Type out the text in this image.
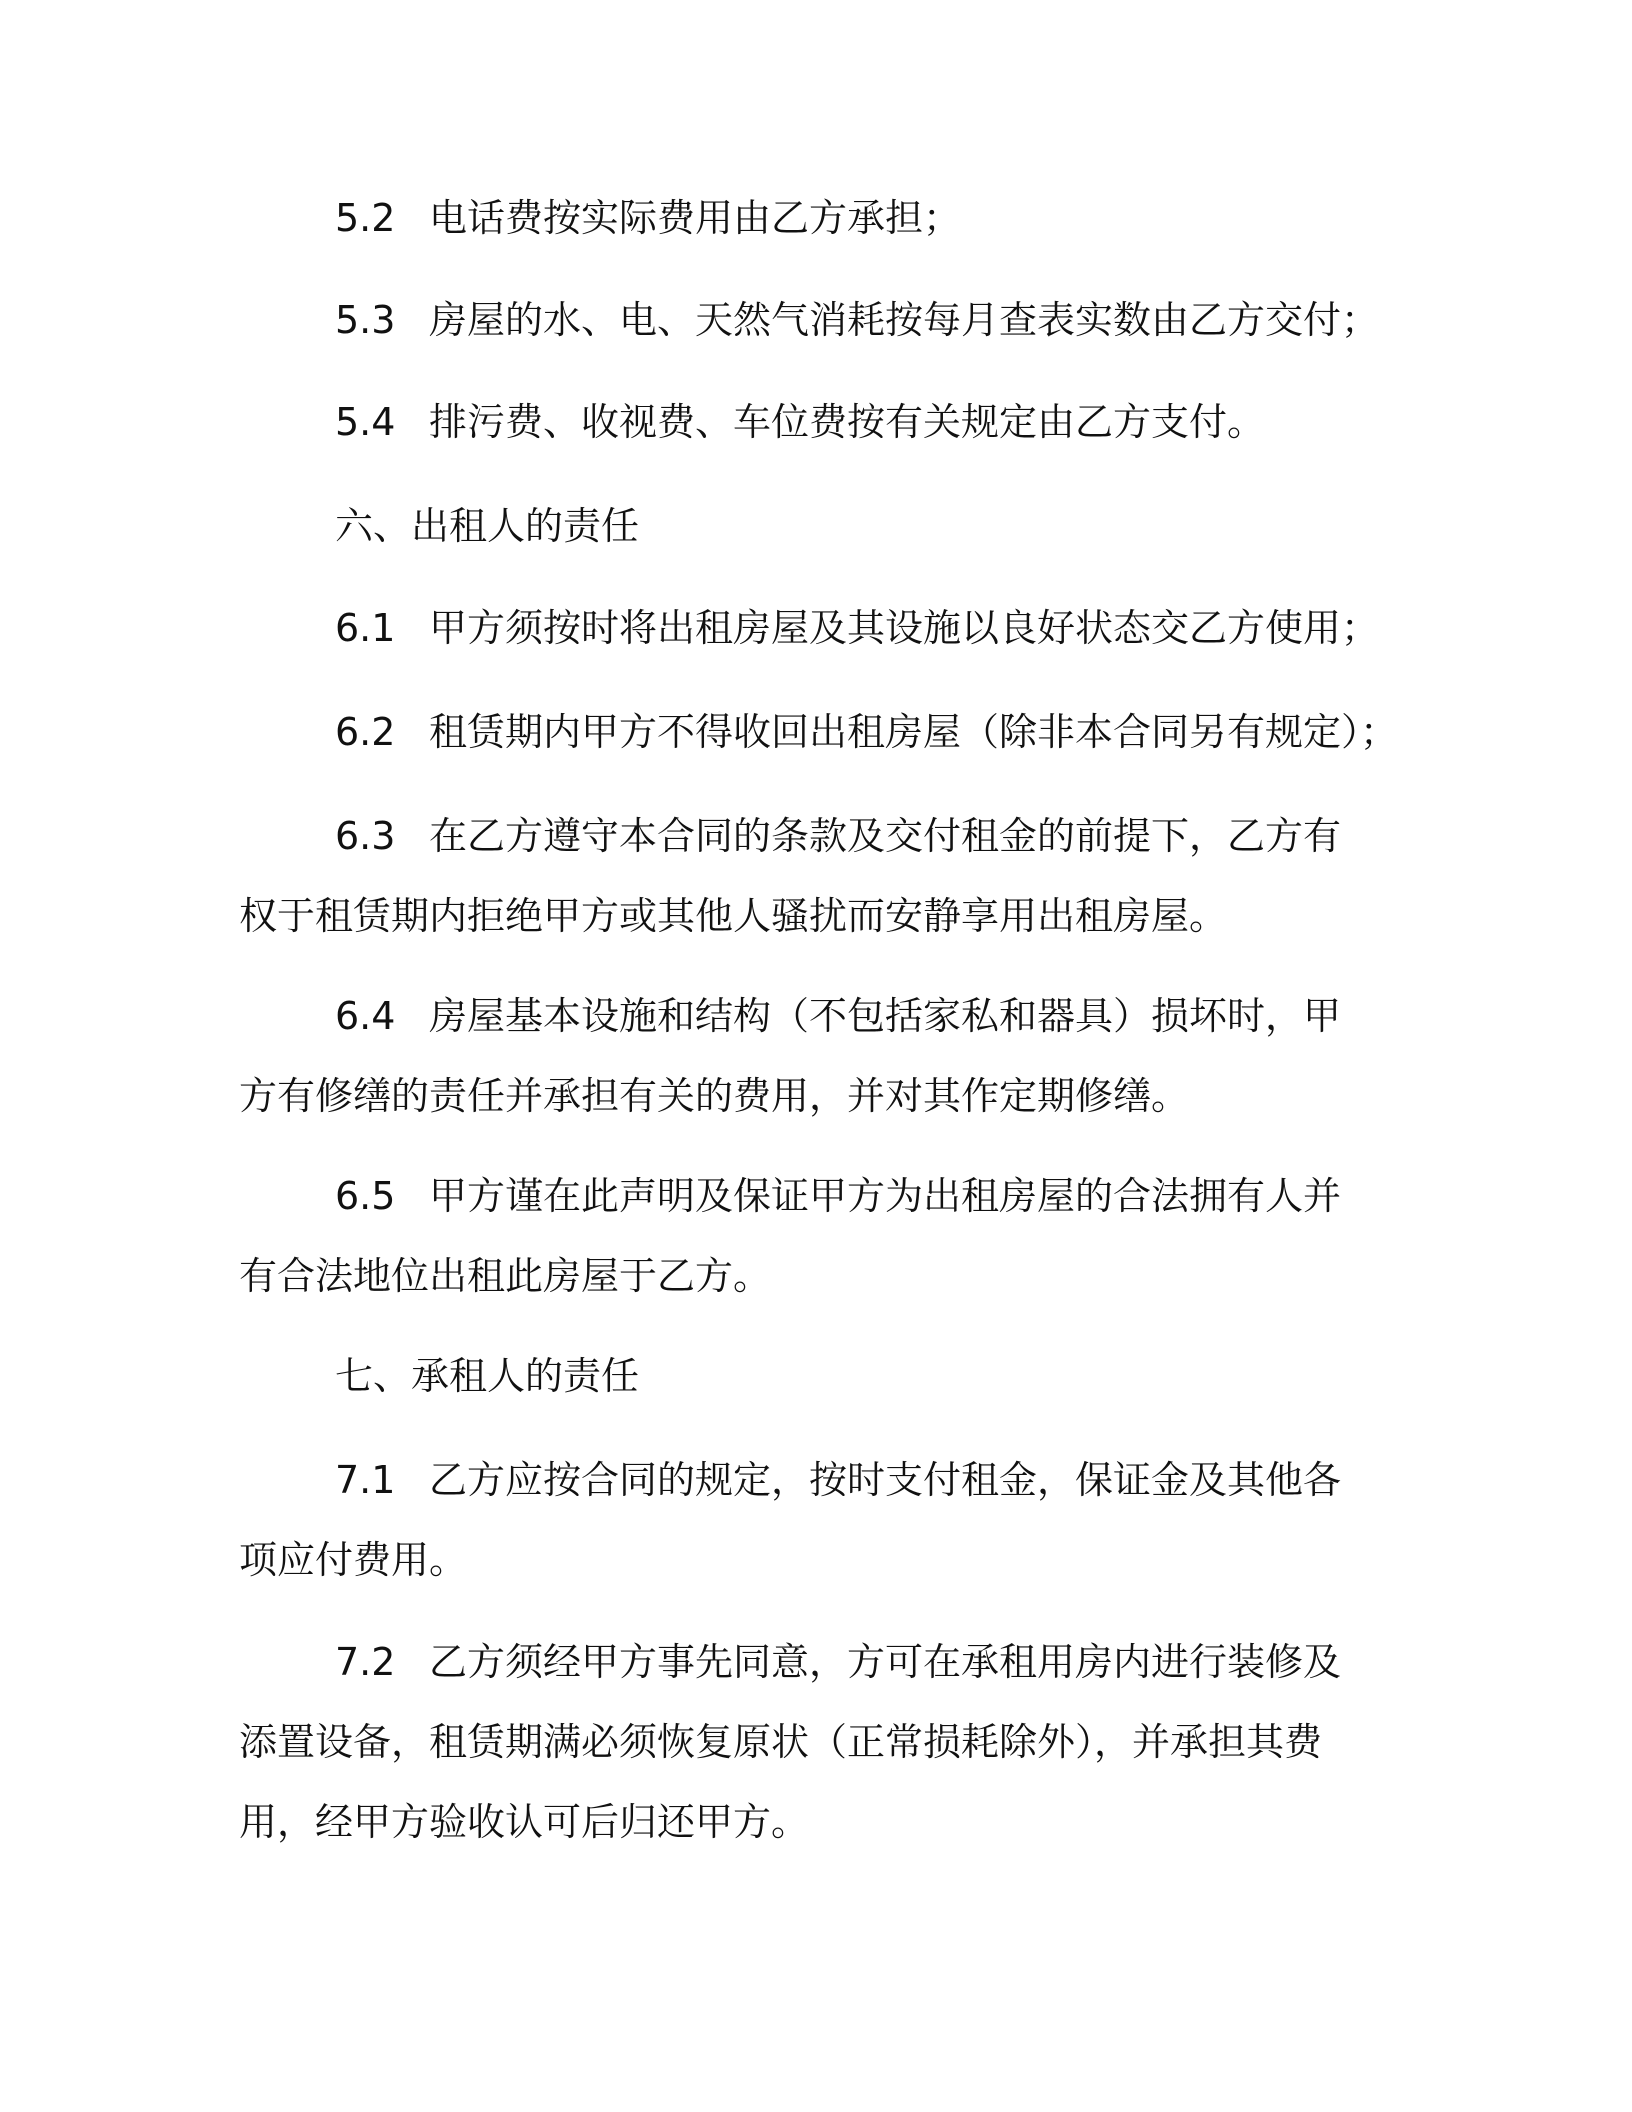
5.2 电话费按实际费用由乙方承担；
5.3 房屋的水、电、天然气消耗按每月查表实数由乙方交付；
5.4 排污费、收视费、车位费按有关规定由乙方支付。
六、出租人的责任
6.1 甲方须按时将出租房屋及其设施以良好状态交乙方使用；
6.2 租赁期内甲方不得收回出租房屋（除非本合同另有规定）；
6.3 在乙方遵守本合同的条款及交付租金的前提下，乙方有权于租赁期内拒绝甲方或其他人骚扰而安静享用出租房屋。
6.4 房屋基本设施和结构（不包括家私和器具）损坏时，甲方有修缮的责任并承担有关的费用，并对其作定期修缮。
6.5 甲方谨在此声明及保证甲方为出租房屋的合法拥有人并有合法地位出租此房屋于乙方。
七、承租人的责任
7.1 乙方应按合同的规定，按时支付租金，保证金及其他各项应付费用。
7.2 乙方须经甲方事先同意，方可在承租用房内进行装修及添置设备，租赁期满必须恢复原状（正常损耗除外），并承担其费用，经甲方验收认可后归还甲方。
